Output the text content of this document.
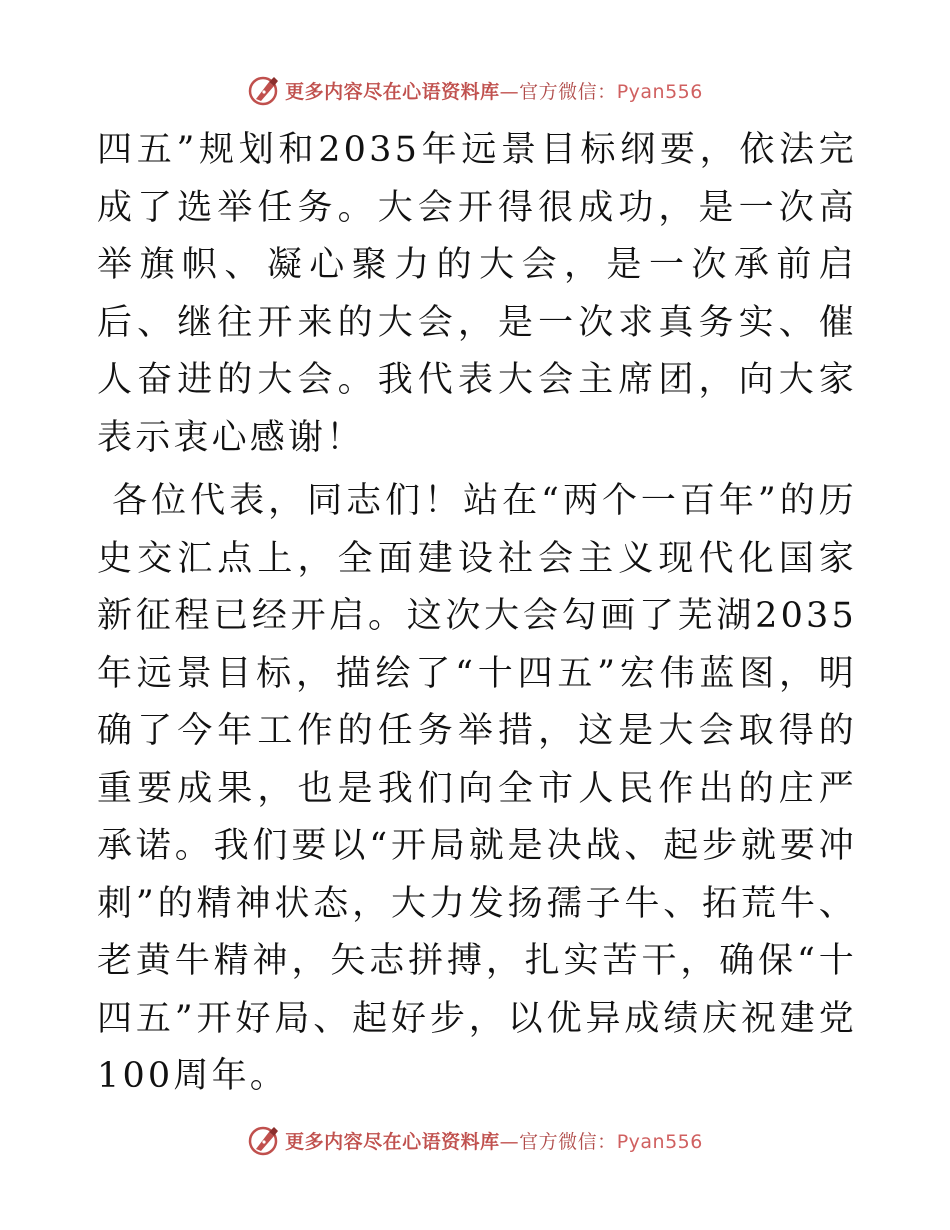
更多内容尽在心语资料库—官方微信：Pyan556

四五”规划和2035年远景目标纲要，依法完成了选举任务。大会开得很成功，是一次高举旗帜、凝心聚力的大会，是一次承前启后、继往开来的大会，是一次求真务实、催人奋进的大会。我代表大会主席团，向大家表示衷心感谢！

各位代表，同志们！站在“两个一百年”的历史交汇点上，全面建设社会主义现代化国家新征程已经开启。这次大会勾画了芜湖2035年远景目标，描绘了“十四五”宏伟蓝图，明确了今年工作的任务举措，这是大会取得的重要成果，也是我们向全市人民作出的庄严承诺。我们要以“开局就是决战、起步就要冲刺”的精神状态，大力发扬孺子牛、拓荒牛、老黄牛精神，矢志拼搏，扎实苦干，确保“十四五”开好局、起好步，以优异成绩庆祝建党100周年。

更多内容尽在心语资料库—官方微信：Pyan556
